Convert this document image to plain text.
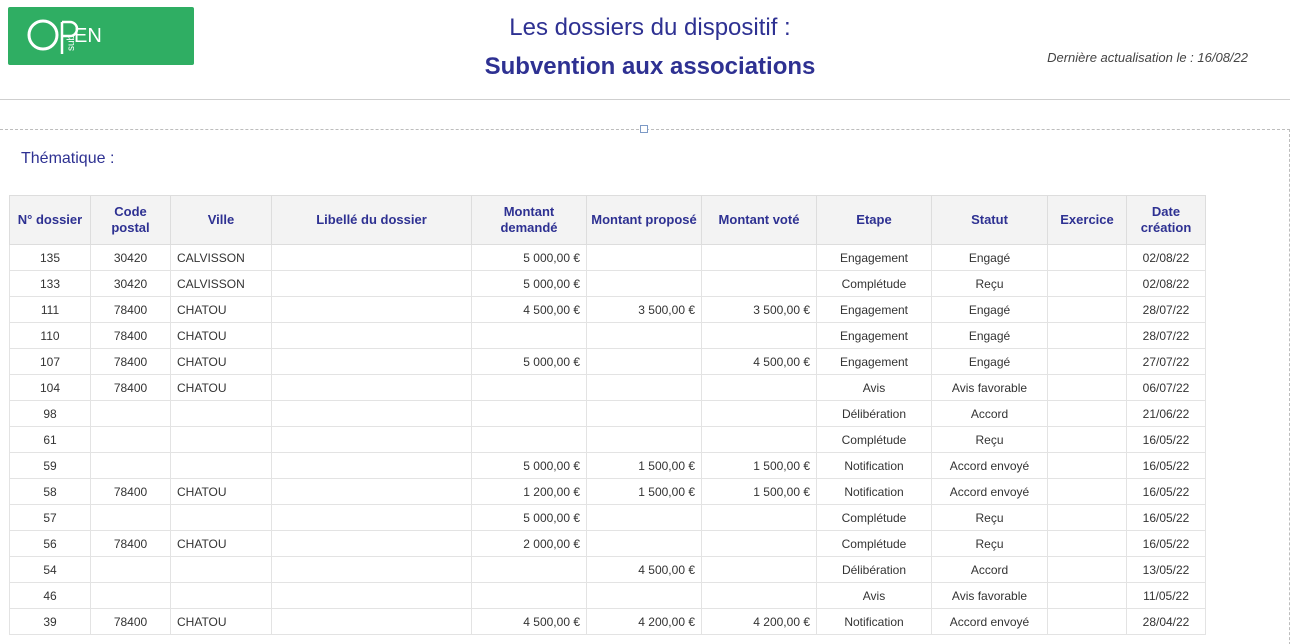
EN
sub
Les dossiers du dispositif :
Subvention aux associations	Dernière actualisation le : 16/08/22
Thématique :
N° dossier	Code postal	Ville	Libellé du dossier	Montant demandé	Montant proposé	Montant voté	Etape	Statut	Exercice	Date création
135	30420	CALVISSON		5 000,00 €			Engagement	Engagé		02/08/22
133	30420	CALVISSON		5 000,00 €			Complétude	Reçu		02/08/22
111	78400	CHATOU		4 500,00 €	3 500,00 €	3 500,00 €	Engagement	Engagé		28/07/22
110	78400	CHATOU					Engagement	Engagé		28/07/22
107	78400	CHATOU		5 000,00 €		4 500,00 €	Engagement	Engagé		27/07/22
104	78400	CHATOU					Avis	Avis favorable		06/07/22
98							Délibération	Accord		21/06/22
61							Complétude	Reçu		16/05/22
59				5 000,00 €	1 500,00 €	1 500,00 €	Notification	Accord envoyé		16/05/22
58	78400	CHATOU		1 200,00 €	1 500,00 €	1 500,00 €	Notification	Accord envoyé		16/05/22
57				5 000,00 €			Complétude	Reçu		16/05/22
56	78400	CHATOU		2 000,00 €			Complétude	Reçu		16/05/22
54					4 500,00 €		Délibération	Accord		13/05/22
46							Avis	Avis favorable		11/05/22
39	78400	CHATOU		4 500,00 €	4 200,00 €	4 200,00 €	Notification	Accord envoyé		28/04/22
